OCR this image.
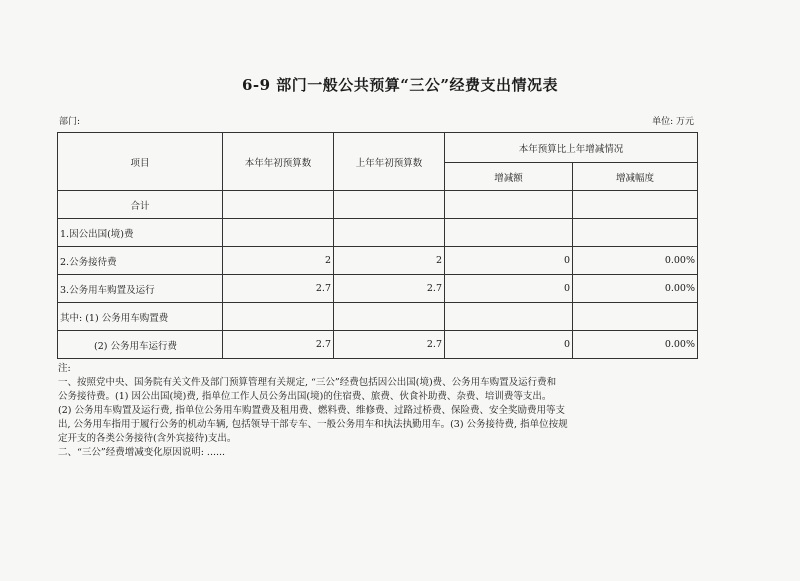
6-9 部门一般公共预算“三公”经费支出情况表
部门:	单位: 万元
项目	本年年初预算数	上年年初预算数	本年预算比上年增减情况	
			增减额	增减幅度
合计				
1.因公出国(境)费				
2.公务接待费	2	2	0	0.00%
3.公务用车购置及运行	2.7	2.7	0	0.00%
其中: (1) 公务用车购置费				
(2) 公务用车运行费	2.7	2.7	0	0.00%
注:
一、按照党中央、国务院有关文件及部门预算管理有关规定, “三公”经费包括因公出国(境)费、公务用车购置及运行费和
公务接待费。(1) 因公出国(境)费, 指单位工作人员公务出国(境)的住宿费、旅费、伙食补助费、杂费、培训费等支出。
(2) 公务用车购置及运行费, 指单位公务用车购置费及租用费、燃料费、维修费、过路过桥费、保险费、安全奖励费用等支
出, 公务用车指用于履行公务的机动车辆, 包括领导干部专车、一般公务用车和执法执勤用车。(3) 公务接待费, 指单位按规
定开支的各类公务接待(含外宾接待)支出。
二、“三公”经费增减变化原因说明: ......
